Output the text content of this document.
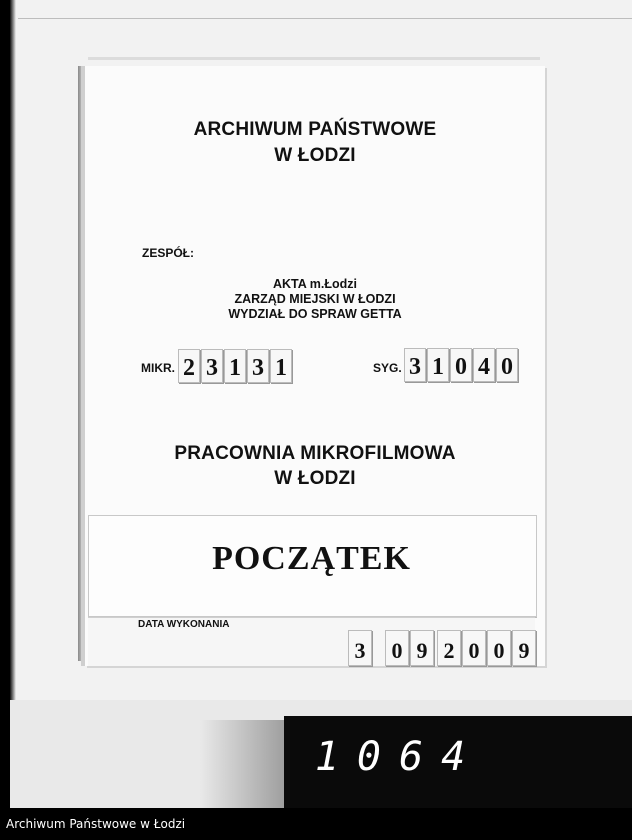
ARCHIWUM PAŃSTWOWE
W ŁODZI
ZESPÓŁ:
AKTA m.Łodzi
ZARZĄD MIEJSKI W ŁODZI
WYDZIAŁ DO SPRAW GETTA
MIKR. 2 3 1 3 1	SYG. 3 1 0 4 0
PRACOWNIA MIKROFILMOWA
W ŁODZI
POCZĄTEK
DATA WYKONANIA
3 0 9 2 0 0 9
1064
Archiwum Państwowe w Łodzi
